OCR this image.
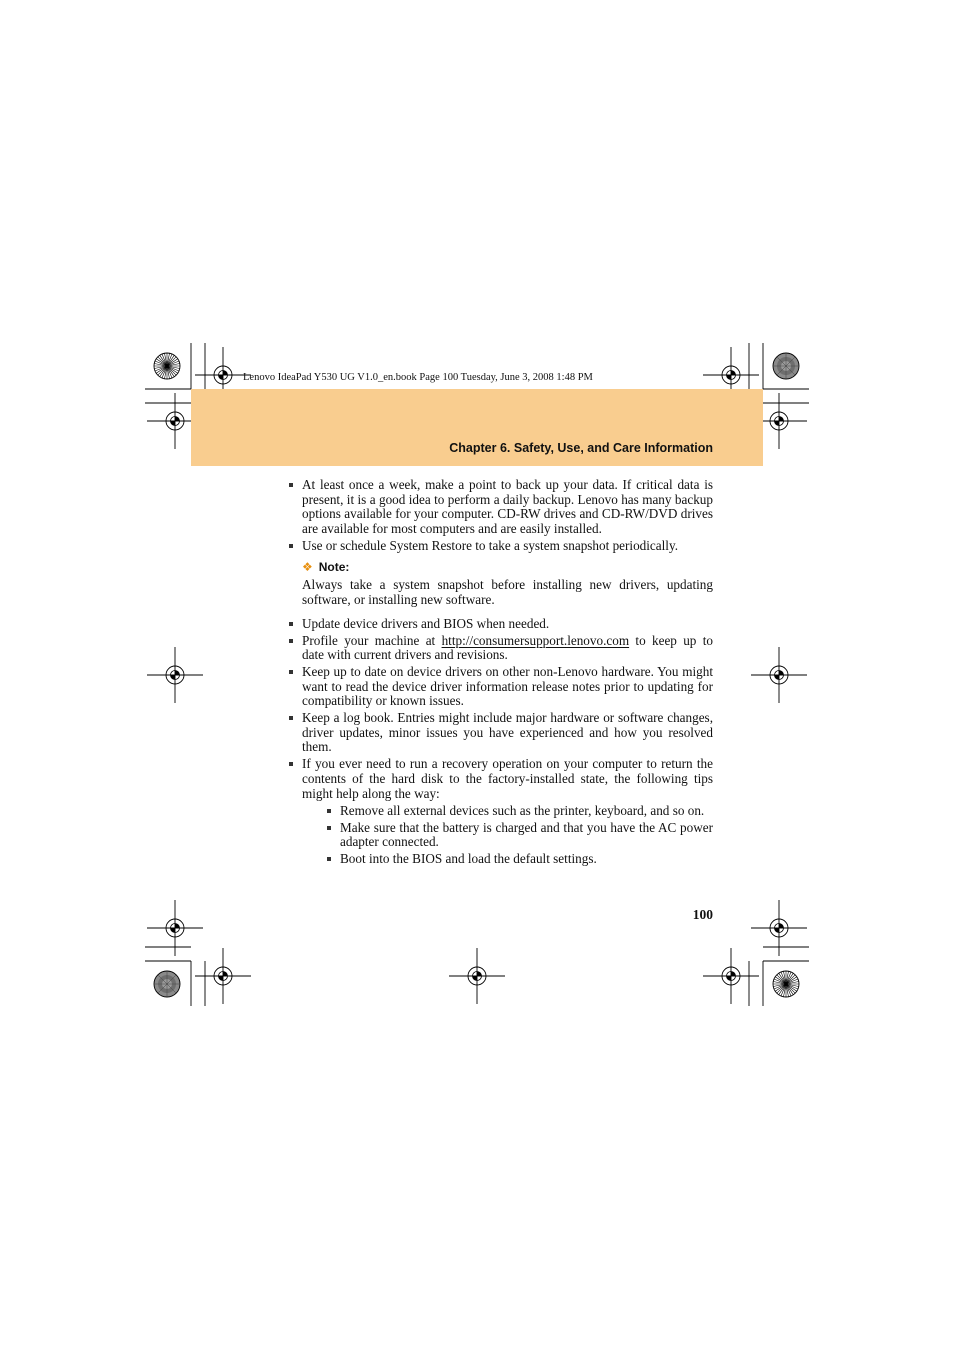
Lenovo IdeaPad Y530 UG V1.0_en.book Page 100 Tuesday, June 3, 2008 1:48 PM
Chapter 6. Safety, Use, and Care Information
At least once a week, make a point to back up your data. If critical data is present, it is a good idea to perform a daily backup. Lenovo has many backup options available for your computer. CD-RW drives and CD-RW/DVD drives are available for most computers and are easily installed.
Use or schedule System Restore to take a system snapshot periodically.
❖ Note:
Always take a system snapshot before installing new drivers, updating software, or installing new software.
Update device drivers and BIOS when needed.
Profile your machine at http://consumersupport.lenovo.com to keep up to date with current drivers and revisions.
Keep up to date on device drivers on other non-Lenovo hardware. You might want to read the device driver information release notes prior to updating for compatibility or known issues.
Keep a log book. Entries might include major hardware or software changes, driver updates, minor issues you have experienced and how you resolved them.
If you ever need to run a recovery operation on your computer to return the contents of the hard disk to the factory-installed state, the following tips might help along the way:
Remove all external devices such as the printer, keyboard, and so on.
Make sure that the battery is charged and that you have the AC power adapter connected.
Boot into the BIOS and load the default settings.
100
